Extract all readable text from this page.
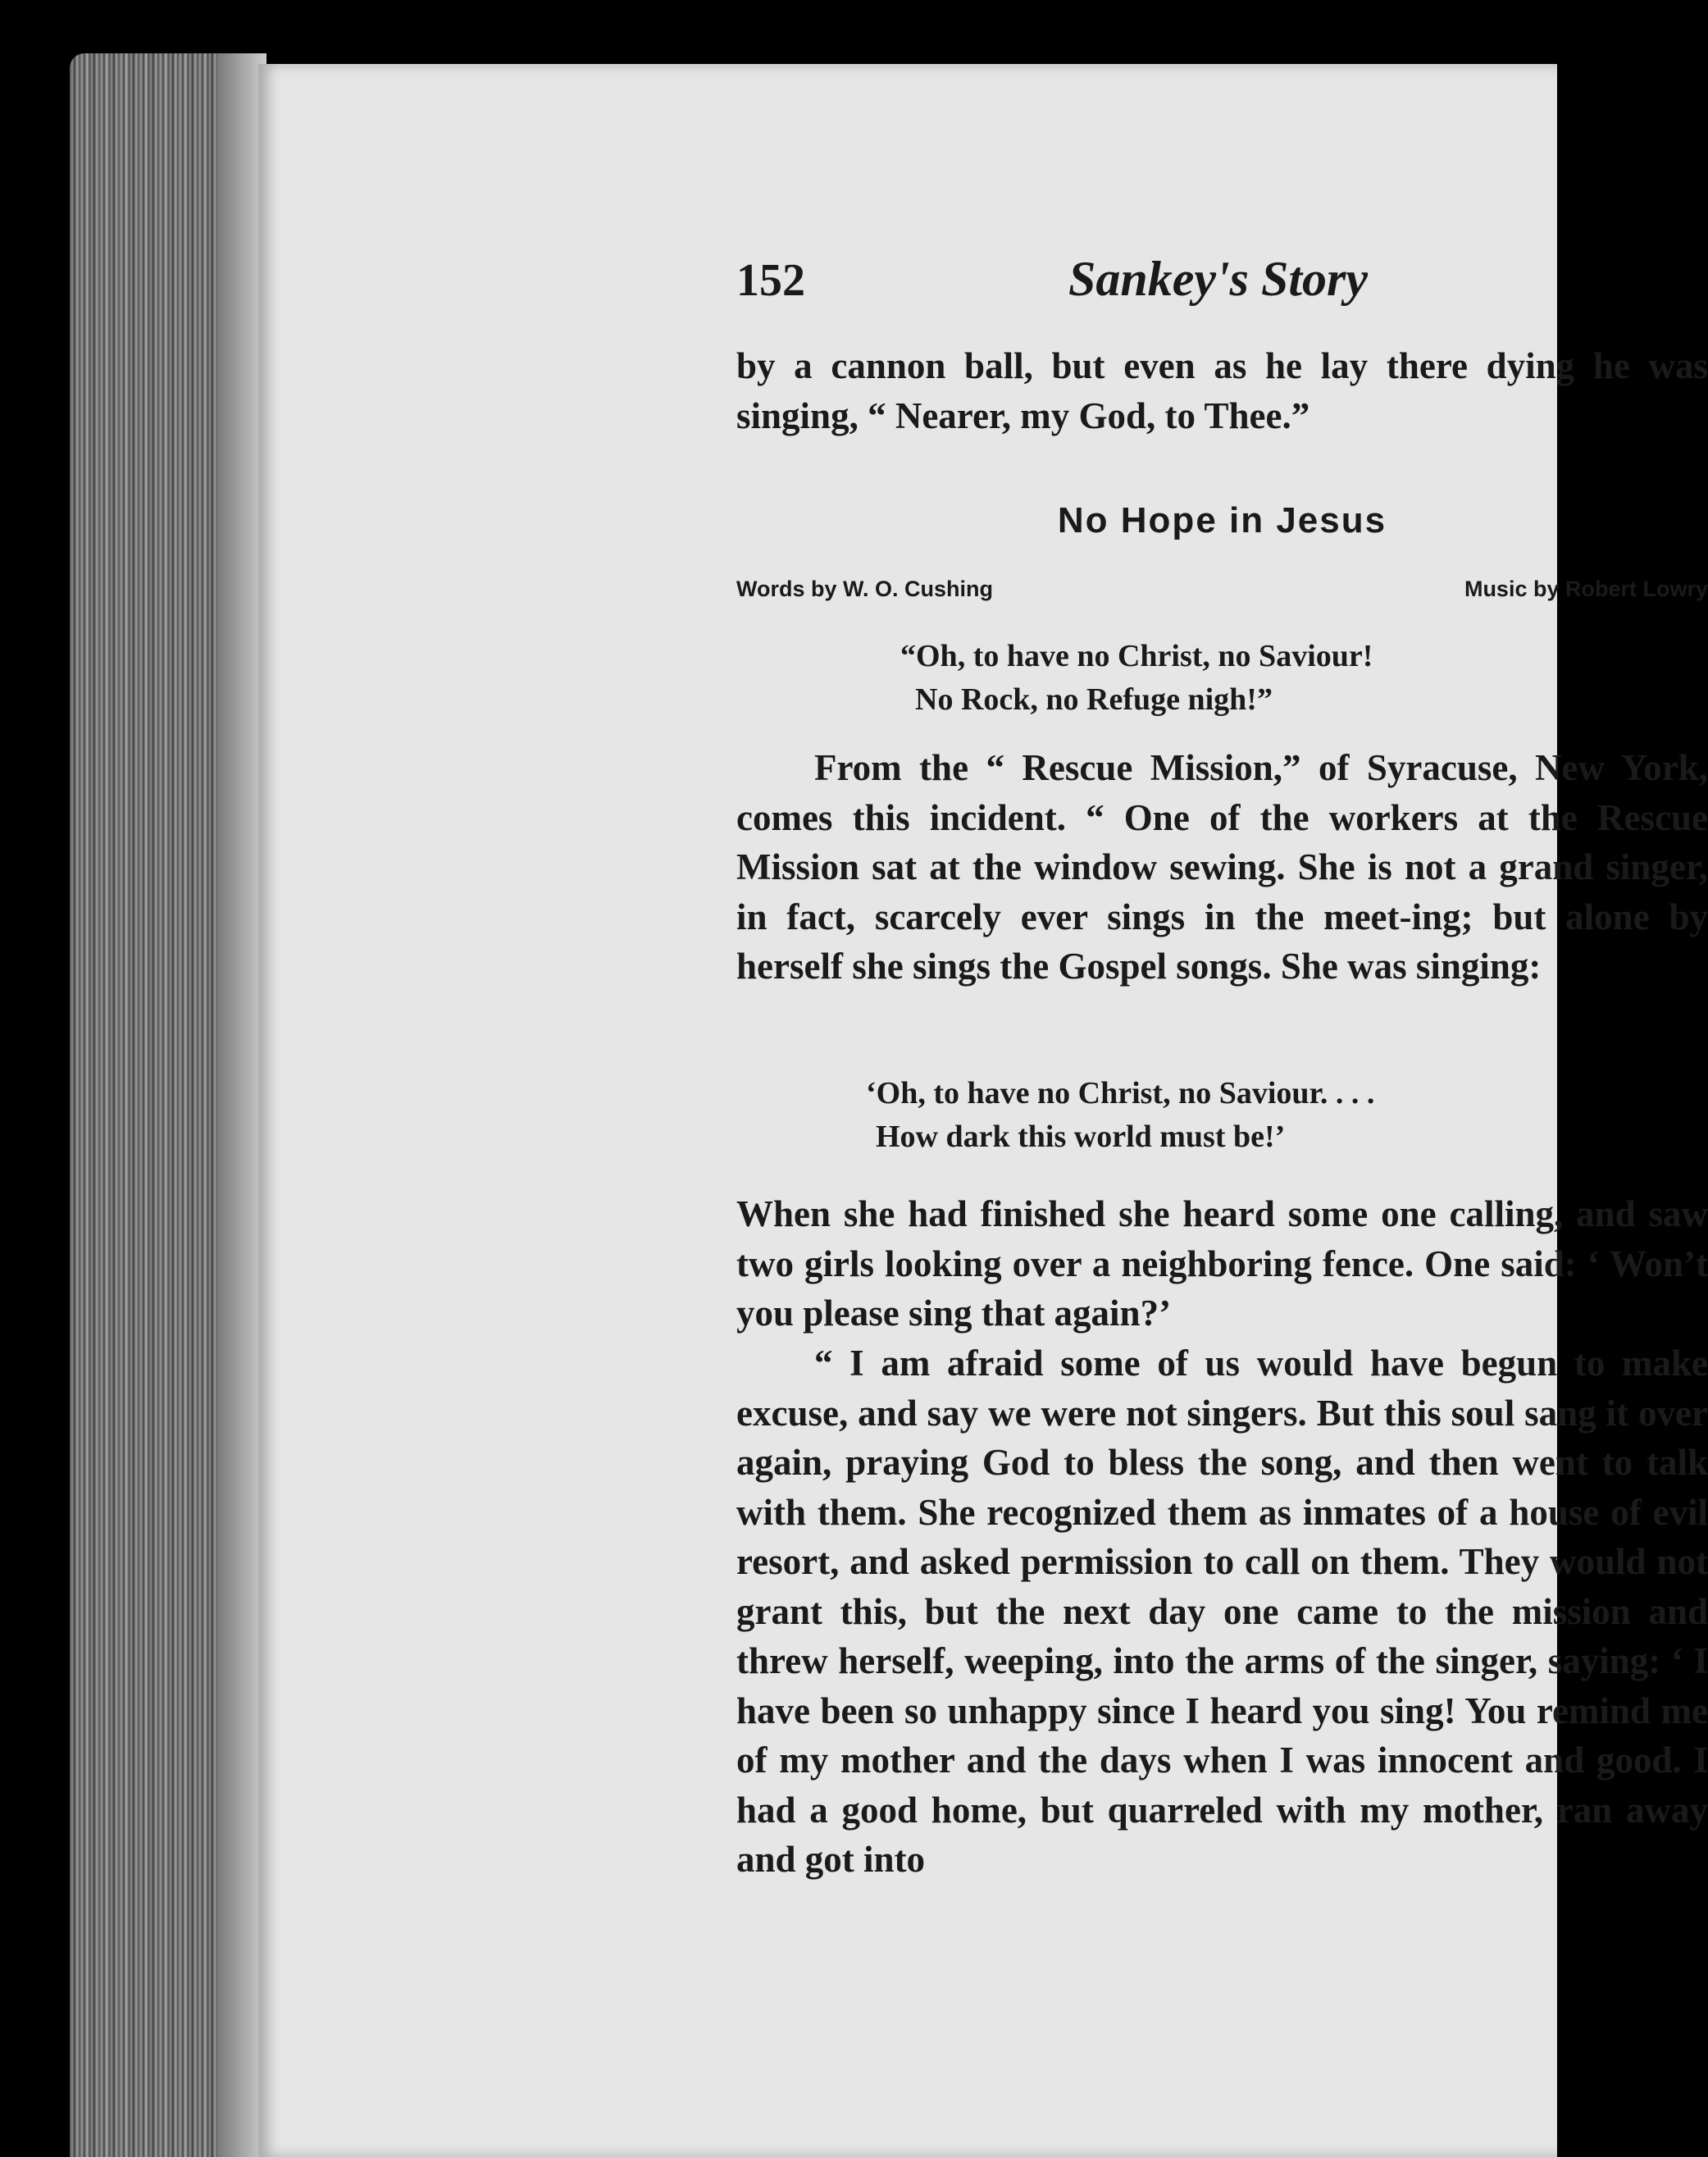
152	Sankey's Story

by a cannon ball, but even as he lay there dying he was singing, “ Nearer, my God, to Thee.”

No Hope in Jesus
Words by W. O. Cushing	Music by Robert Lowry
“Oh, to have no Christ, no Saviour!
No Rock, no Refuge nigh!”

From the “ Rescue Mission,” of Syracuse, New York, comes this incident. “ One of the workers at the Rescue Mission sat at the window sewing. She is not a grand singer, in fact, scarcely ever sings in the meet-ing; but alone by herself she sings the Gospel songs. She was singing:

‘Oh, to have no Christ, no Saviour. . . .
How dark this world must be!’

When she had finished she heard some one calling, and saw two girls looking over a neighboring fence. One said: ‘ Won’t you please sing that again?’

“ I am afraid some of us would have begun to make excuse, and say we were not singers. But this soul sang it over again, praying God to bless the song, and then went to talk with them. She recognized them as inmates of a house of evil resort, and asked permission to call on them. They would not grant this, but the next day one came to the mission and threw herself, weeping, into the arms of the singer, saying: ‘ I have been so unhappy since I heard you sing! You remind me of my mother and the days when I was innocent and good. I had a good home, but quarreled with my mother, ran away and got into
